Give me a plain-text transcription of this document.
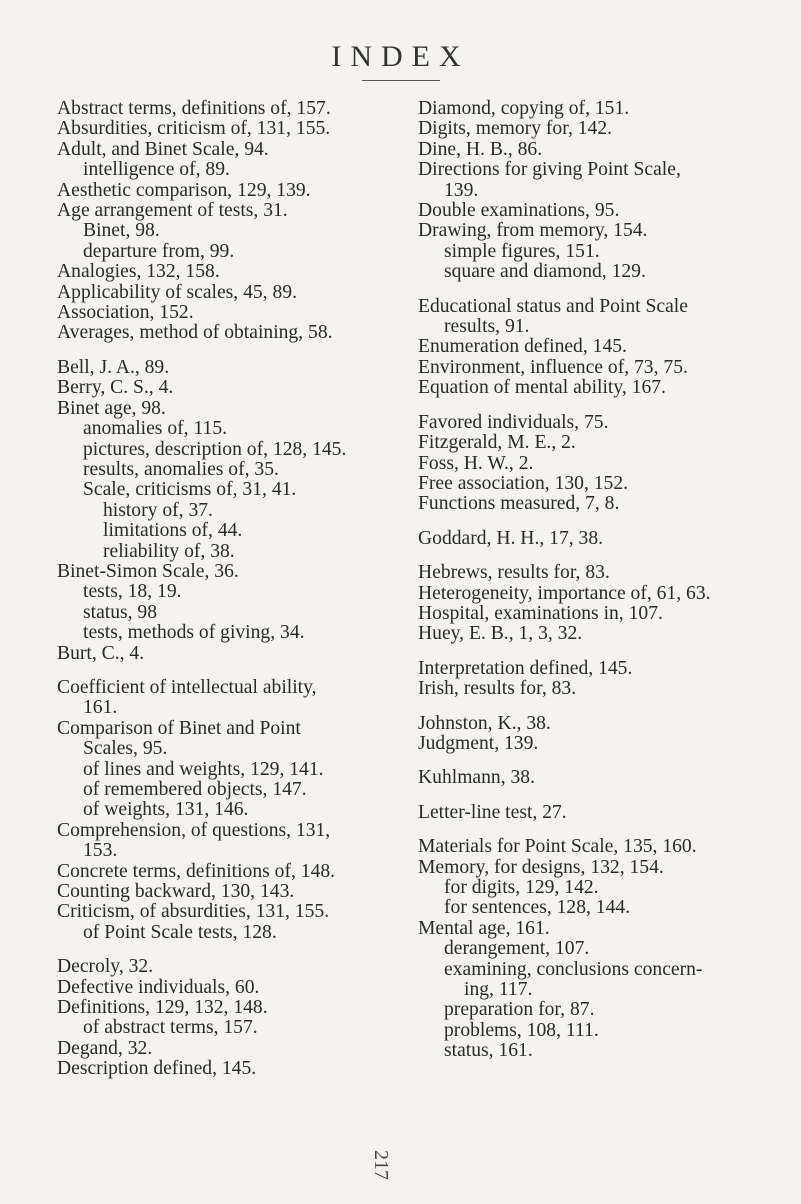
INDEX

Abstract terms, definitions of, 157.

Absurdities, criticism of, 131, 155.

Adult, and Binet Scale, 94.

intelligence of, 89.

Aesthetic comparison, 129, 139.

Age arrangement of tests, 31.

Binet, 98.

departure from, 99.

Analogies, 132, 158.

Applicability of scales, 45, 89.

Association, 152.

Averages, method of obtaining, 58.

Bell, J. A., 89.

Berry, C. S., 4.

Binet age, 98.

anomalies of, 115.

pictures, description of, 128, 145.

results, anomalies of, 35.

Scale, criticisms of, 31, 41.

history of, 37.

limitations of, 44.

reliability of, 38.

Binet-Simon Scale, 36.

tests, 18, 19.

status, 98

tests, methods of giving, 34.

Burt, C., 4.

Coefficient of intellectual ability,

161.

Comparison of Binet and Point

Scales, 95.

of lines and weights, 129, 141.

of remembered objects, 147.

of weights, 131, 146.

Comprehension, of questions, 131,

153.

Concrete terms, definitions of, 148.

Counting backward, 130, 143.

Criticism, of absurdities, 131, 155.

of Point Scale tests, 128.

Decroly, 32.

Defective individuals, 60.

Definitions, 129, 132, 148.

of abstract terms, 157.

Degand, 32.

Description defined, 145.

Diamond, copying of, 151.

Digits, memory for, 142.

Dine, H. B., 86.

Directions for giving Point Scale,

139.

Double examinations, 95.

Drawing, from memory, 154.

simple figures, 151.

square and diamond, 129.

Educational status and Point Scale

results, 91.

Enumeration defined, 145.

Environment, influence of, 73, 75.

Equation of mental ability, 167.

Favored individuals, 75.

Fitzgerald, M. E., 2.

Foss, H. W., 2.

Free association, 130, 152.

Functions measured, 7, 8.

Goddard, H. H., 17, 38.

Hebrews, results for, 83.

Heterogeneity, importance of, 61, 63.

Hospital, examinations in, 107.

Huey, E. B., 1, 3, 32.

Interpretation defined, 145.

Irish, results for, 83.

Johnston, K., 38.

Judgment, 139.

Kuhlmann, 38.

Letter-line test, 27.

Materials for Point Scale, 135, 160.

Memory, for designs, 132, 154.

for digits, 129, 142.

for sentences, 128, 144.

Mental age, 161.

derangement, 107.

examining, conclusions concern-

ing, 117.

preparation for, 87.

problems, 108, 111.

status, 161.

217
